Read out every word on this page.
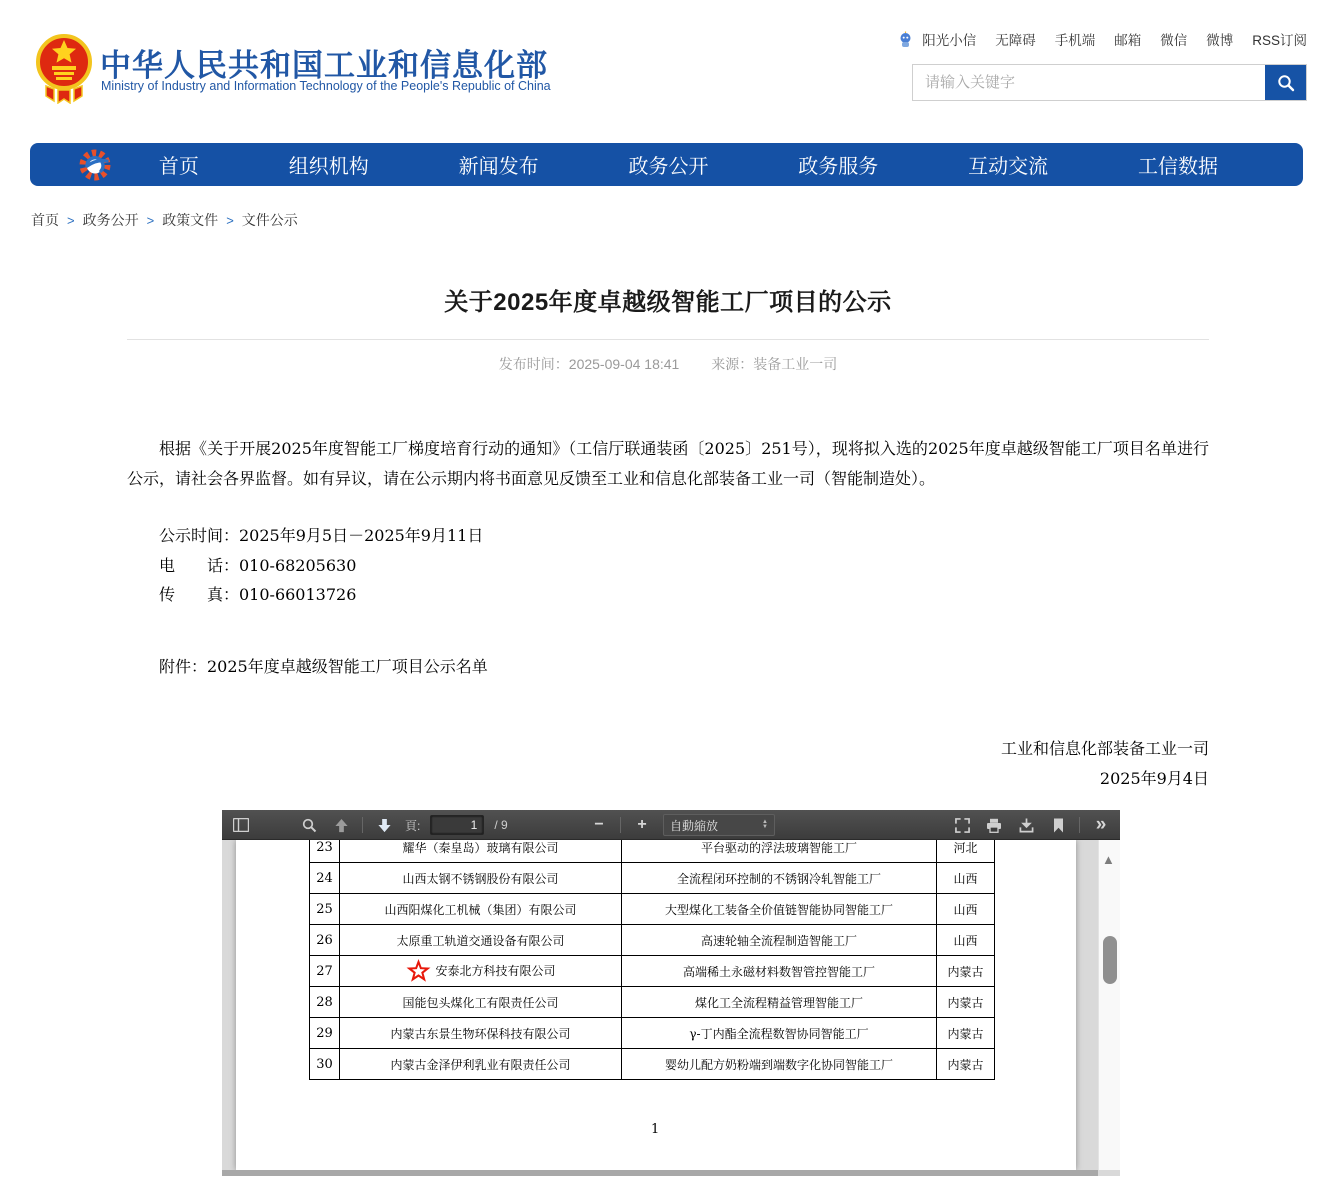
中华人民共和国工业和信息化部
Ministry of Industry and Information Technology of the People's Republic of China
阳光小信 无障碍 手机端 邮箱 微信 微博 RSS订阅
请输入关键字
首页	组织机构	新闻发布	政务公开	政务服务	互动交流	工信数据
首页 > 政务公开 > 政策文件 > 文件公示
关于2025年度卓越级智能工厂项目的公示
发布时间：2025-09-04 18:41 来源：装备工业一司

根据《关于开展2025年度智能工厂梯度培育行动的通知》（工信厅联通装函〔2025〕251号），现将拟入选的2025年度卓越级智能工厂项目名单进行公示，请社会各界监督。如有异议，请在公示期内将书面意见反馈至工业和信息化部装备工业一司（智能制造处）。

公示时间：2025年9月5日－2025年9月11日
电　　话：010-68205630
传　　真：010-66013726
附件：2025年度卓越级智能工厂项目公示名单
工业和信息化部装备工业一司
2025年9月4日
頁:
1	/ 9	−	+	自動縮放	▲
▼	»
23	耀华（秦皇岛）玻璃有限公司	平台驱动的浮法玻璃智能工厂	河北
24	山西太钢不锈钢股份有限公司	全流程闭环控制的不锈钢冷轧智能工厂	山西
25	山西阳煤化工机械（集团）有限公司	大型煤化工装备全价值链智能协同智能工厂	山西
26	太原重工轨道交通设备有限公司	高速轮轴全流程制造智能工厂	山西
27	安泰北方科技有限公司	高端稀土永磁材料数智管控智能工厂	内蒙古
28	国能包头煤化工有限责任公司	煤化工全流程精益管理智能工厂	内蒙古
29	内蒙古东景生物环保科技有限公司	γ-丁内酯全流程数智协同智能工厂	内蒙古
30	内蒙古金泽伊利乳业有限责任公司	婴幼儿配方奶粉端到端数字化协同智能工厂	内蒙古
1
▲
